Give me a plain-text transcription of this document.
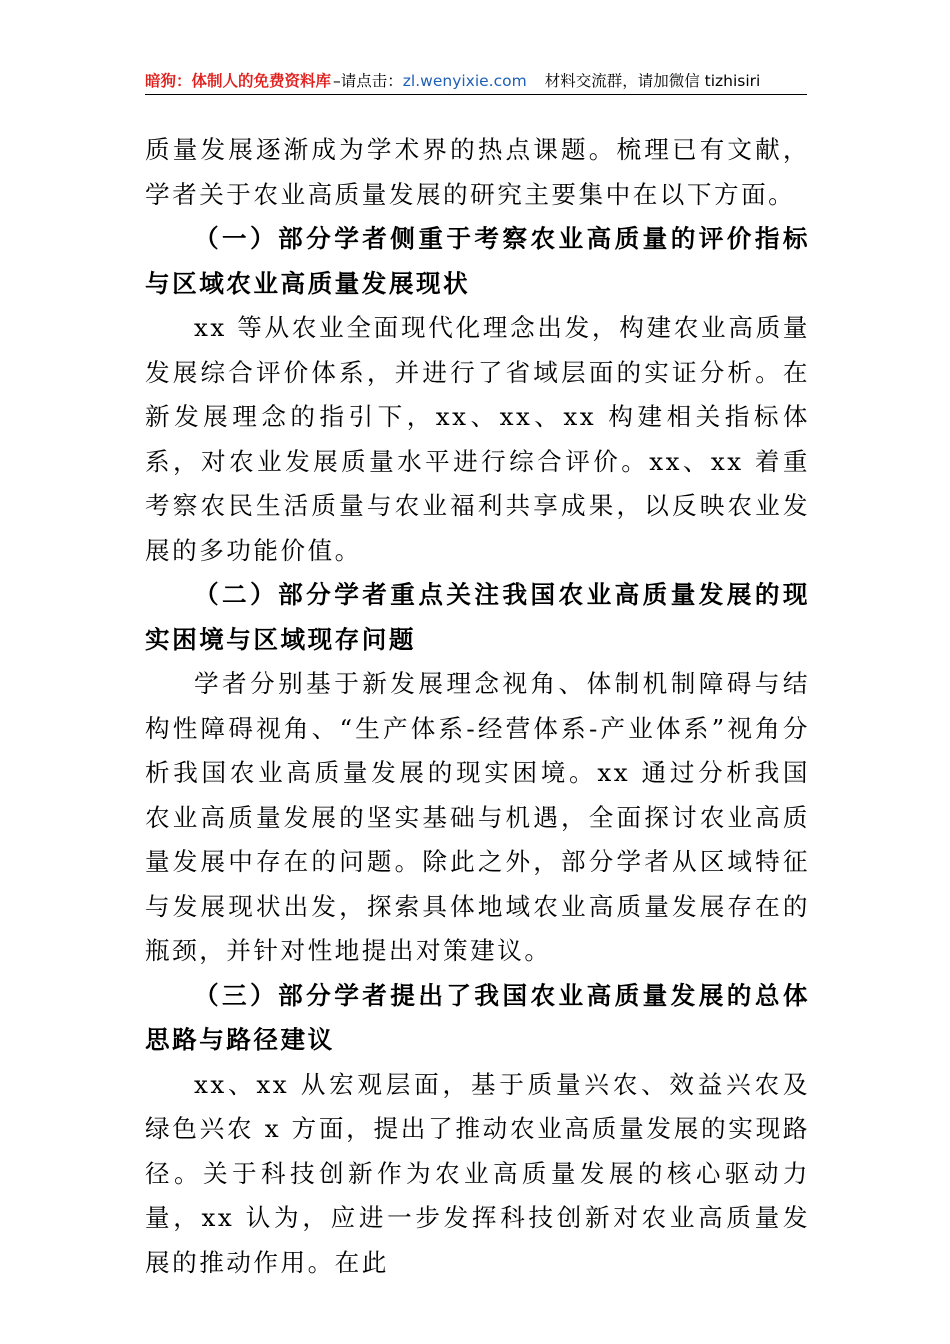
暗狗：体制人的免费资料库 –请点击：zl.wenyixie.com 材料交流群，请加微信 tizhisiri

质量发展逐渐成为学术界的热点课题。梳理已有文献，学者关于农业高质量发展的研究主要集中在以下方面。

（一）部分学者侧重于考察农业高质量的评价指标与区域农业高质量发展现状

xx 等从农业全面现代化理念出发，构建农业高质量发展综合评价体系，并进行了省域层面的实证分析。在新发展理念的指引下，xx、xx、xx 构建相关指标体系，对农业发展质量水平进行综合评价。xx、xx 着重考察农民生活质量与农业福利共享成果，以反映农业发展的多功能价值。

（二）部分学者重点关注我国农业高质量发展的现实困境与区域现存问题

学者分别基于新发展理念视角、体制机制障碍与结构性障碍视角、“生产体系-经营体系-产业体系”视角分析我国农业高质量发展的现实困境。xx 通过分析我国农业高质量发展的坚实基础与机遇，全面探讨农业高质量发展中存在的问题。除此之外，部分学者从区域特征与发展现状出发，探索具体地域农业高质量发展存在的瓶颈，并针对性地提出对策建议。

（三）部分学者提出了我国农业高质量发展的总体思路与路径建议

xx、xx 从宏观层面，基于质量兴农、效益兴农及绿色兴农 x 方面，提出了推动农业高质量发展的实现路径。关于科技创新作为农业高质量发展的核心驱动力量，xx 认为，应进一步发挥科技创新对农业高质量发展的推动作用。在此
